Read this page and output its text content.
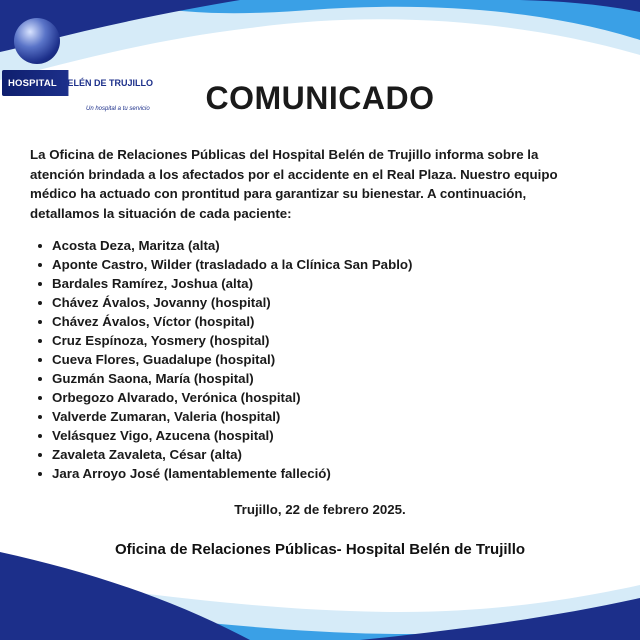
HOSPITAL BELÉN DE TRUJILLO
Un hospital a tu servicio	COMUNICADO
La Oficina de Relaciones Públicas del Hospital Belén de Trujillo informa sobre la atención brindada a los afectados por el accidente en el Real Plaza. Nuestro equipo médico ha actuado con prontitud para garantizar su bienestar. A continuación, detallamos la situación de cada paciente:
Acosta Deza, Maritza (alta)
Aponte Castro, Wilder (trasladado a la Clínica San Pablo)
Bardales Ramírez, Joshua (alta)
Chávez Ávalos, Jovanny (hospital)
Chávez Ávalos, Víctor (hospital)
Cruz Espínoza, Yosmery (hospital)
Cueva Flores, Guadalupe (hospital)
Guzmán Saona, María (hospital)
Orbegozo Alvarado, Verónica (hospital)
Valverde Zumaran, Valeria (hospital)
Velásquez Vigo, Azucena (hospital)
Zavaleta Zavaleta, César (alta)
Jara Arroyo José (lamentablemente falleció)
Trujillo, 22 de febrero 2025.
Oficina de Relaciones Públicas- Hospital Belén de Trujillo
